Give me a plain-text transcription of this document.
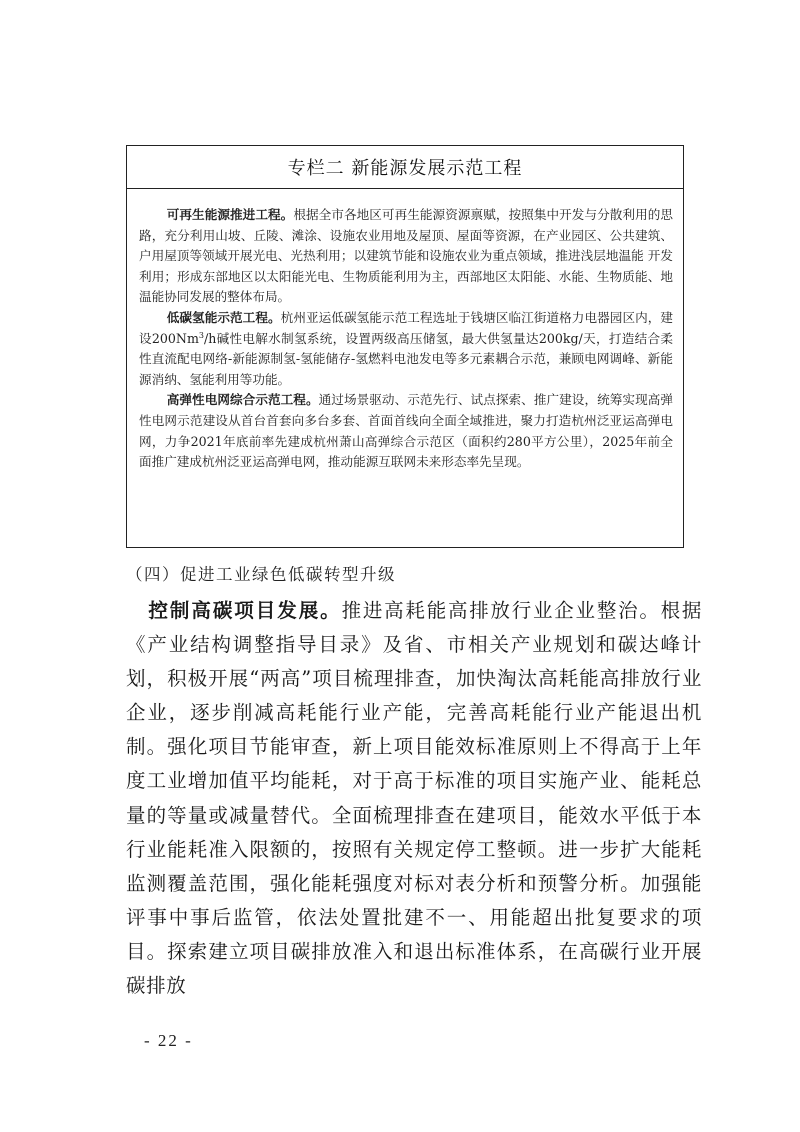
专栏二 新能源发展示范工程

可再生能源推进工程。根据全市各地区可再生能源资源禀赋，按照集中开发与分散利用的思路，充分利用山坡、丘陵、滩涂、设施农业用地及屋顶、屋面等资源，在产业园区、公共建筑、户用屋顶等领域开展光电、光热利用；以建筑节能和设施农业为重点领域，推进浅层地温能 开发利用；形成东部地区以太阳能光电、生物质能利用为主，西部地区太阳能、水能、生物质能、地温能协同发展的整体布局。

低碳氢能示范工程。杭州亚运低碳氢能示范工程选址于钱塘区临江街道格力电器园区内，建设200Nm$^3$/h碱性电解水制氢系统，设置两级高压储氢，最大供氢量达200kg/天，打造结合柔性直流配电网络-新能源制氢-氢能储存-氢燃料电池发电等多元素耦合示范，兼顾电网调峰、新能源消纳、氢能利用等功能。

高弹性电网综合示范工程。通过场景驱动、示范先行、试点探索、推广建设，统筹实现高弹性电网示范建设从首台首套向多台多套、首面首线向全面全域推进，聚力打造杭州泛亚运高弹电网，力争2021年底前率先建成杭州萧山高弹综合示范区（面积约280平方公里），2025年前全面推广建成杭州泛亚运高弹电网，推动能源互联网未来形态率先呈现。

（四）促进工业绿色低碳转型升级

控制高碳项目发展。推进高耗能高排放行业企业整治。根据《产业结构调整指导目录》及省、市相关产业规划和碳达峰计划，积极开展“两高”项目梳理排查，加快淘汰高耗能高排放行业企业，逐步削减高耗能行业产能，完善高耗能行业产能退出机制。强化项目节能审查，新上项目能效标准原则上不得高于上年度工业增加值平均能耗，对于高于标准的项目实施产业、能耗总量的等量或减量替代。全面梳理排查在建项目，能效水平低于本行业能耗准入限额的，按照有关规定停工整顿。进一步扩大能耗监测覆盖范围，强化能耗强度对标对表分析和预警分析。加强能评事中事后监管，依法处置批建不一、用能超出批复要求的项目。探索建立项目碳排放准入和退出标准体系，在高碳行业开展碳排放

- 22 -
